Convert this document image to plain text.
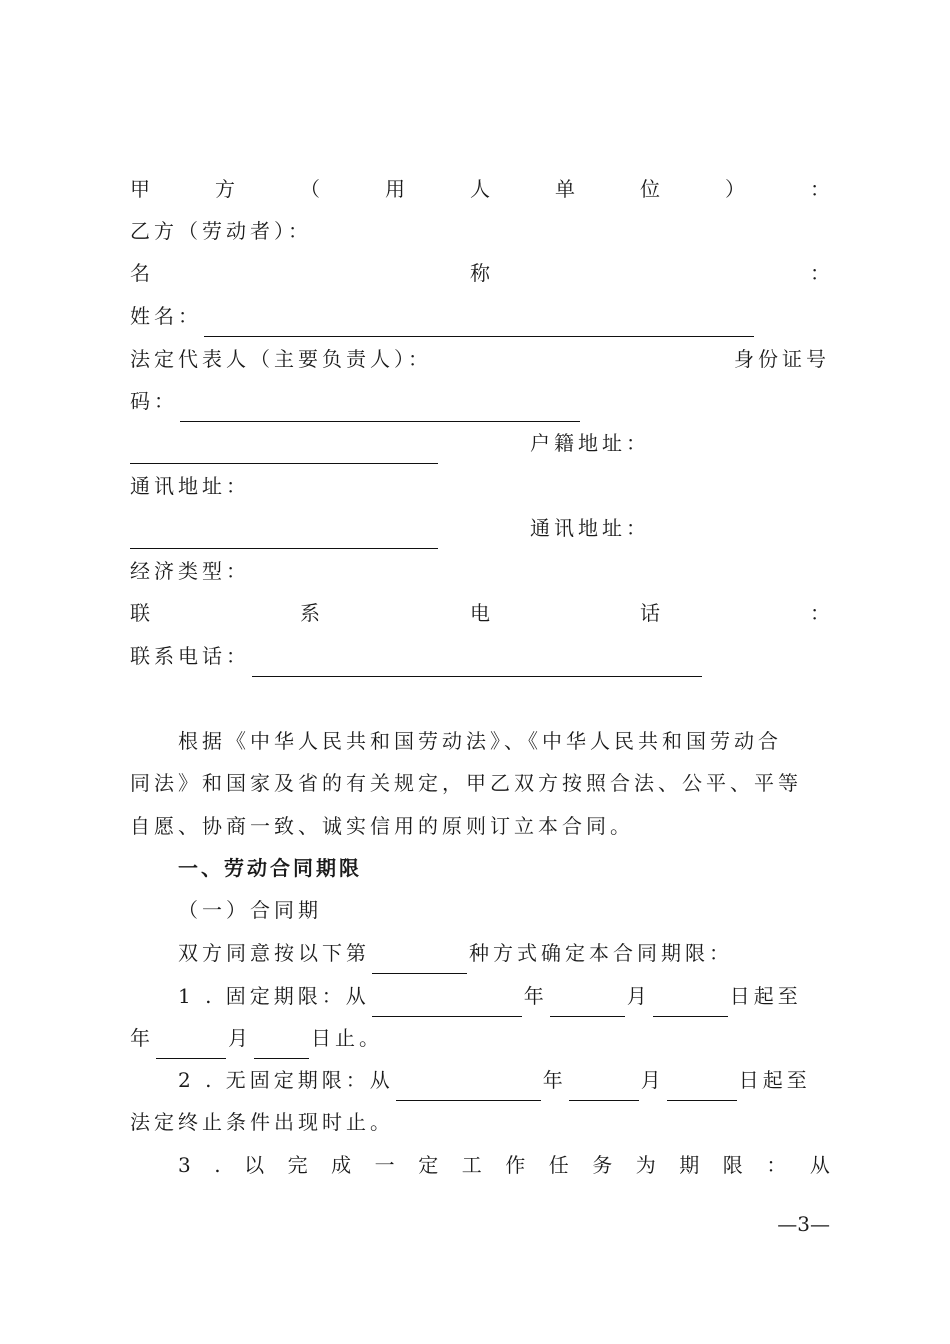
甲	方	（	用	人	单	位	）	：
乙方（劳动者）：
名	称	：
姓名：
法定代表人（主要负责人）：	身份证号
码：
户籍地址：
通讯地址：
通讯地址：
经济类型：
联	系	电	话	：
联系电话：
根据《中华人民共和国劳动法》、《中华人民共和国劳动合
同法》和国家及省的有关规定，甲乙双方按照合法、公平、平等
自愿、协商一致、诚实信用的原则订立本合同。
一、劳动合同期限
（一）合同期
双方同意按以下第	种方式确定本合同期限：
1 . 固定期限：从	年	月	日起至
年	月	日止。
2 . 无固定期限：从	年	月	日起至
法定终止条件出现时止。
3 . 以 完 成 一 定 工 作 任 务 为 期 限 ： 从
—3—
